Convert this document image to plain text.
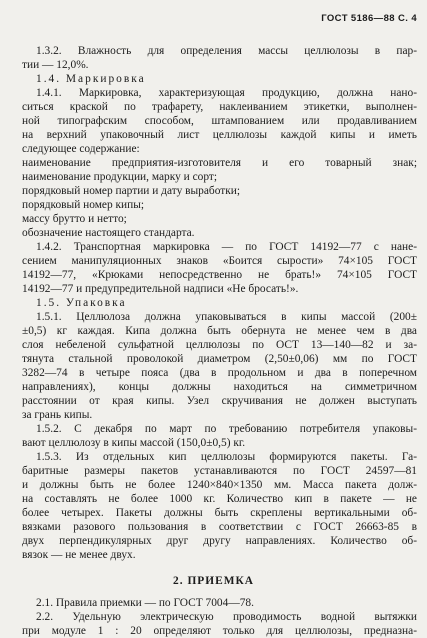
ГОСТ 5186—88 С. 4
1.3.2. Влажность для определения массы целлюлозы в пар-
тии — 12,0%.
1.4. Маркировка
1.4.1. Маркировка, характеризующая продукцию, должна нано-
ситься краской по трафарету, наклеиванием этикетки, выполнен-
ной типографским способом, штампованием или продавливанием
на верхний упаковочный лист целлюлозы каждой кипы и иметь
следующее содержание:
наименование предприятия-изготовителя и его товарный знак;
наименование продукции, марку и сорт;
порядковый номер партии и дату выработки;
порядковый номер кипы;
массу брутто и нетто;
обозначение настоящего стандарта.
1.4.2. Транспортная маркировка — по ГОСТ 14192—77 с нане-
сением манипуляционных знаков «Боится сырости» 74×105 ГОСТ
14192—77, «Крюками непосредственно не брать!» 74×105 ГОСТ
14192—77 и предупредительной надписи «Не бросать!».
1.5. Упаковка
1.5.1. Целлюлоза должна упаковываться в кипы массой (200±
±0,5) кг каждая. Кипа должна быть обернута не менее чем в два
слоя небеленой сульфатной целлюлозы по ОСТ 13—140—82 и за-
тянута стальной проволокой диаметром (2,50±0,06) мм по ГОСТ
3282—74 в четыре пояса (два в продольном и два в поперечном
направлениях), концы должны находиться на симметричном
расстоянии от края кипы. Узел скручивания не должен выступать
за грань кипы.
1.5.2. С декабря по март по требованию потребителя упаковы-
вают целлюлозу в кипы массой (150,0±0,5) кг.
1.5.3. Из отдельных кип целлюлозы формируются пакеты. Га-
баритные размеры пакетов устанавливаются по ГОСТ 24597—81
и должны быть не более 1240×840×1350 мм. Масса пакета долж-
на составлять не более 1000 кг. Количество кип в пакете — не
более четырех. Пакеты должны быть скреплены вертикальными об-
вязками разового пользования в соответствии с ГОСТ 26663-85 в
двух перпендикулярных друг другу направлениях. Количество об-
вязок — не менее двух.
2. ПРИЕМКА
2.1. Правила приемки — по ГОСТ 7004—78.
2.2. Удельную электрическую проводимость водной вытяжки
при модуле 1 : 20 определяют только для целлюлозы, предназна-
